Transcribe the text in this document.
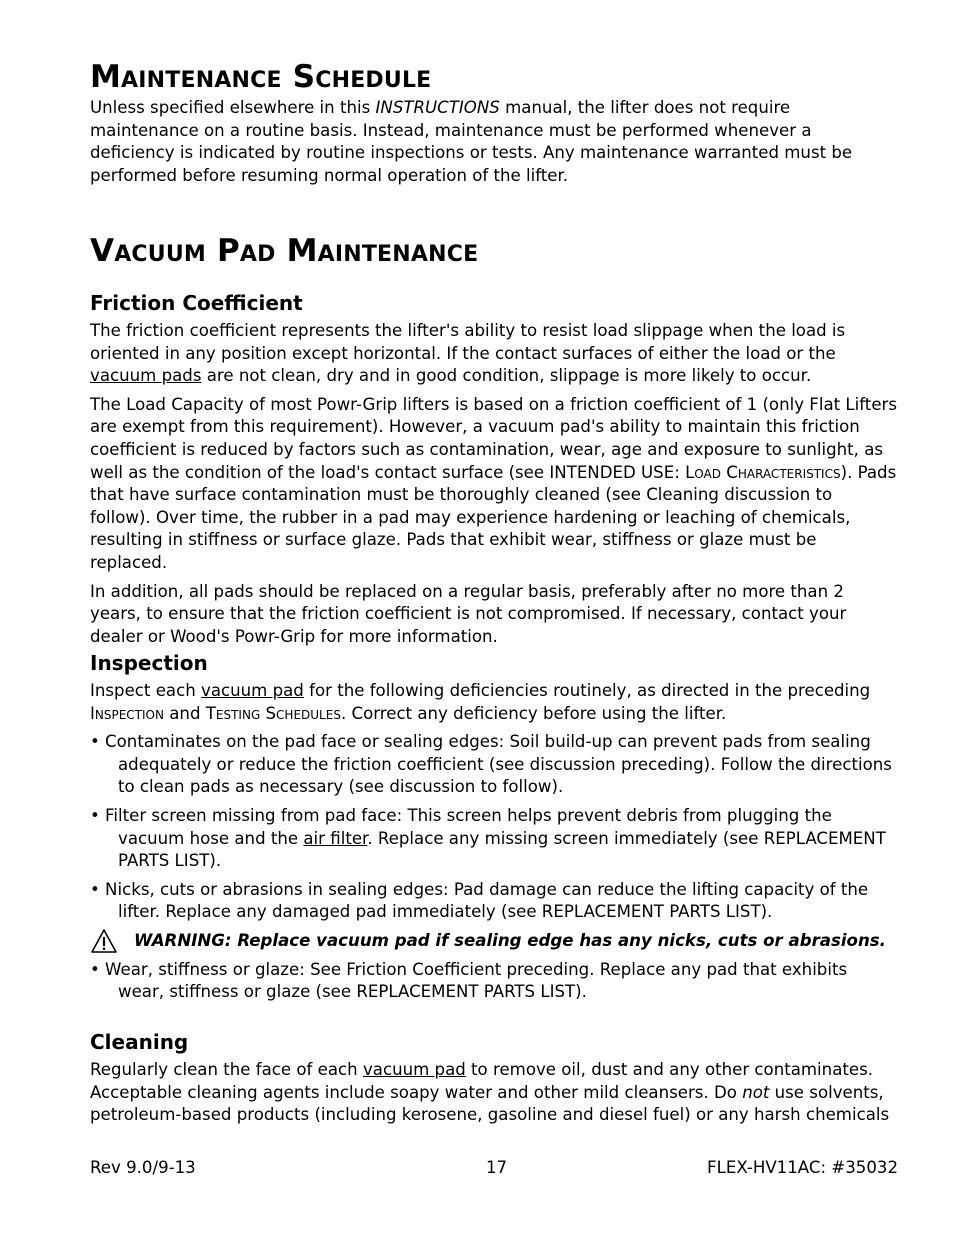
Maintenance Schedule

Unless specified elsewhere in this INSTRUCTIONS manual, the lifter does not require maintenance on a routine basis. Instead, maintenance must be performed whenever a deficiency is indicated by routine inspections or tests. Any maintenance warranted must be performed before resuming normal operation of the lifter.

Vacuum Pad Maintenance
Friction Coefficient

The friction coefficient represents the lifter's ability to resist load slippage when the load is oriented in any position except horizontal. If the contact surfaces of either the load or the vacuum pads are not clean, dry and in good condition, slippage is more likely to occur.

The Load Capacity of most Powr-Grip lifters is based on a friction coefficient of 1 (only Flat Lifters are exempt from this requirement). However, a vacuum pad's ability to maintain this friction coefficient is reduced by factors such as contamination, wear, age and exposure to sunlight, as well as the condition of the load's contact surface (see INTENDED USE: Load Characteristics). Pads that have surface contamination must be thoroughly cleaned (see Cleaning discussion to follow). Over time, the rubber in a pad may experience hardening or leaching of chemicals, resulting in stiffness or surface glaze. Pads that exhibit wear, stiffness or glaze must be replaced.

In addition, all pads should be replaced on a regular basis, preferably after no more than 2 years, to ensure that the friction coefficient is not compromised. If necessary, contact your dealer or Wood's Powr-Grip for more information.

Inspection

Inspect each vacuum pad for the following deficiencies routinely, as directed in the preceding Inspection and Testing Schedules. Correct any deficiency before using the lifter.

• Contaminates on the pad face or sealing edges: Soil build-up can prevent pads from sealing adequately or reduce the friction coefficient (see discussion preceding). Follow the directions to clean pads as necessary (see discussion to follow).
• Filter screen missing from pad face: This screen helps prevent debris from plugging the vacuum hose and the air filter. Replace any missing screen immediately (see REPLACEMENT PARTS LIST).
• Nicks, cuts or abrasions in sealing edges: Pad damage can reduce the lifting capacity of the lifter. Replace any damaged pad immediately (see REPLACEMENT PARTS LIST).
WARNING: Replace vacuum pad if sealing edge has any nicks, cuts or abrasions.
• Wear, stiffness or glaze: See Friction Coefficient preceding. Replace any pad that exhibits wear, stiffness or glaze (see REPLACEMENT PARTS LIST).
Cleaning

Regularly clean the face of each vacuum pad to remove oil, dust and any other contaminates. Acceptable cleaning agents include soapy water and other mild cleansers. Do not use solvents, petroleum-based products (including kerosene, gasoline and diesel fuel) or any harsh chemicals

Rev 9.0/9-13	17	FLEX-HV11AC: #35032
